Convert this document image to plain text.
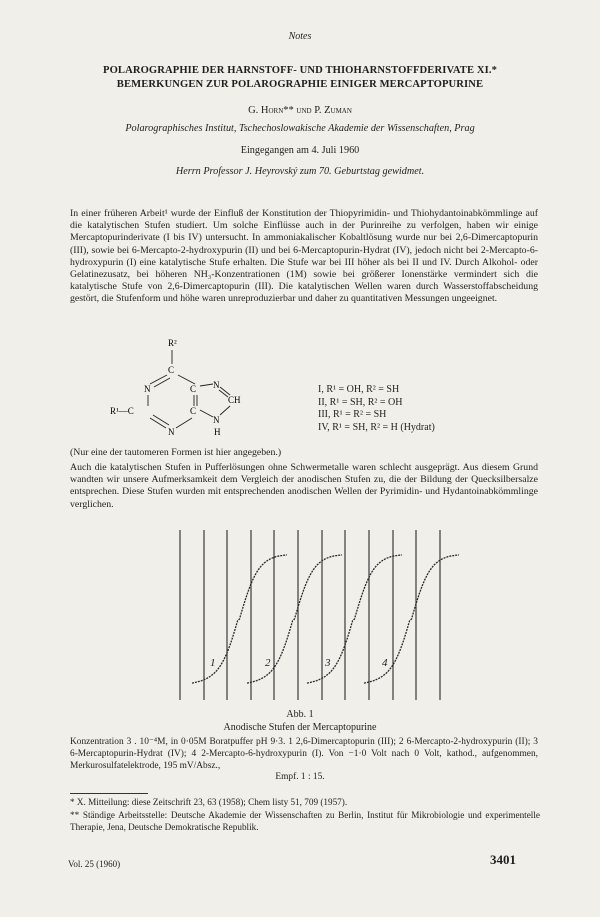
Notes
POLAROGRAPHIE DER HARNSTOFF- UND THIOHARNSTOFFDERIVATE XI.*
BEMERKUNGEN ZUR POLAROGRAPHIE EINIGER MERCAPTOPURINE
G. Horn** und P. Zuman
Polarographisches Institut, Tschechoslowakische Akademie der Wissenschaften, Prag
Eingegangen am 4. Juli 1960
Herrn Professor J. Heyrovský zum 70. Geburtstag gewidmet.

In einer früheren Arbeit¹ wurde der Einfluß der Konstitution der Thiopyrimidin- und Thiohydantoinabkömmlinge auf die katalytischen Stufen studiert. Um solche Einflüsse auch in der Purinreihe zu verfolgen, haben wir einige Mercaptopurinderivate (I bis IV) untersucht. In ammoniakalischer Kobaltlösung wurde nur bei 2,6-Dimercaptopurin (III), sowie bei 6-Mercapto-2-hydroxypurin (II) und bei 6-Mercaptopurin-Hydrat (IV), jedoch nicht bei 2-Mercapto-6-hydroxypurin (I) eine katalytische Stufe erhalten. Die Stufe war bei III höher als bei II und IV. Durch Alkohol- oder Gelatinezusatz, bei höheren NH₃-Konzentrationen (1M) sowie bei größerer Ionenstärke vermindert sich die katalytische Stufe von 2,6-Dimercaptopurin (III). Die katalytischen Wellen waren durch Wasserstoffabscheidung gestört, die Stufenform und höhe waren unreproduzierbar und daher zu quantitativen Messungen ungeeignet.

R²
C
N	C N
CH
R¹—C	C
N
H
N
I, R¹ = OH, R² = SH
II, R¹ = SH, R² = OH
III, R¹ = R² = SH
IV, R¹ = SH, R² = H (Hydrat)
(Nur eine der tautomeren Formen ist hier angegeben.)

Auch die katalytischen Stufen in Pufferlösungen ohne Schwermetalle waren schlecht ausgeprägt. Aus diesem Grund wandten wir unsere Aufmerksamkeit dem Vergleich der anodischen Stufen zu, die der Bildung der Quecksilbersalze entsprechen. Diese Stufen wurden mit entsprechenden anodischen Wellen der Pyrimidin- und Hydantoinabkömmlinge verglichen.

1	2	3	4
Abb. 1
Anodische Stufen der Mercaptopurine

Konzentration 3 . 10⁻⁴M, in 0·05M Boratpuffer pH 9·3. 1 2,6-Dimercaptopurin (III); 2 6-Mercapto-2-hydroxypurin (II); 3 6-Mercaptopurin-Hydrat (IV); 4 2-Mercapto-6-hydroxypurin (I). Von −1·0 Volt nach 0 Volt, kathod., aufgenommen, Merkurosulfatelektrode, 195 mV/Absz.,

Empf. 1 : 15.

* X. Mitteilung: diese Zeitschrift 23, 63 (1958); Chem listy 51, 709 (1957).

** Ständige Arbeitsstelle: Deutsche Akademie der Wissenschaften zu Berlin, Institut für Mikrobiologie und experimentelle Therapie, Jena, Deutsche Demokratische Republik.

Vol. 25 (1960)	3401
